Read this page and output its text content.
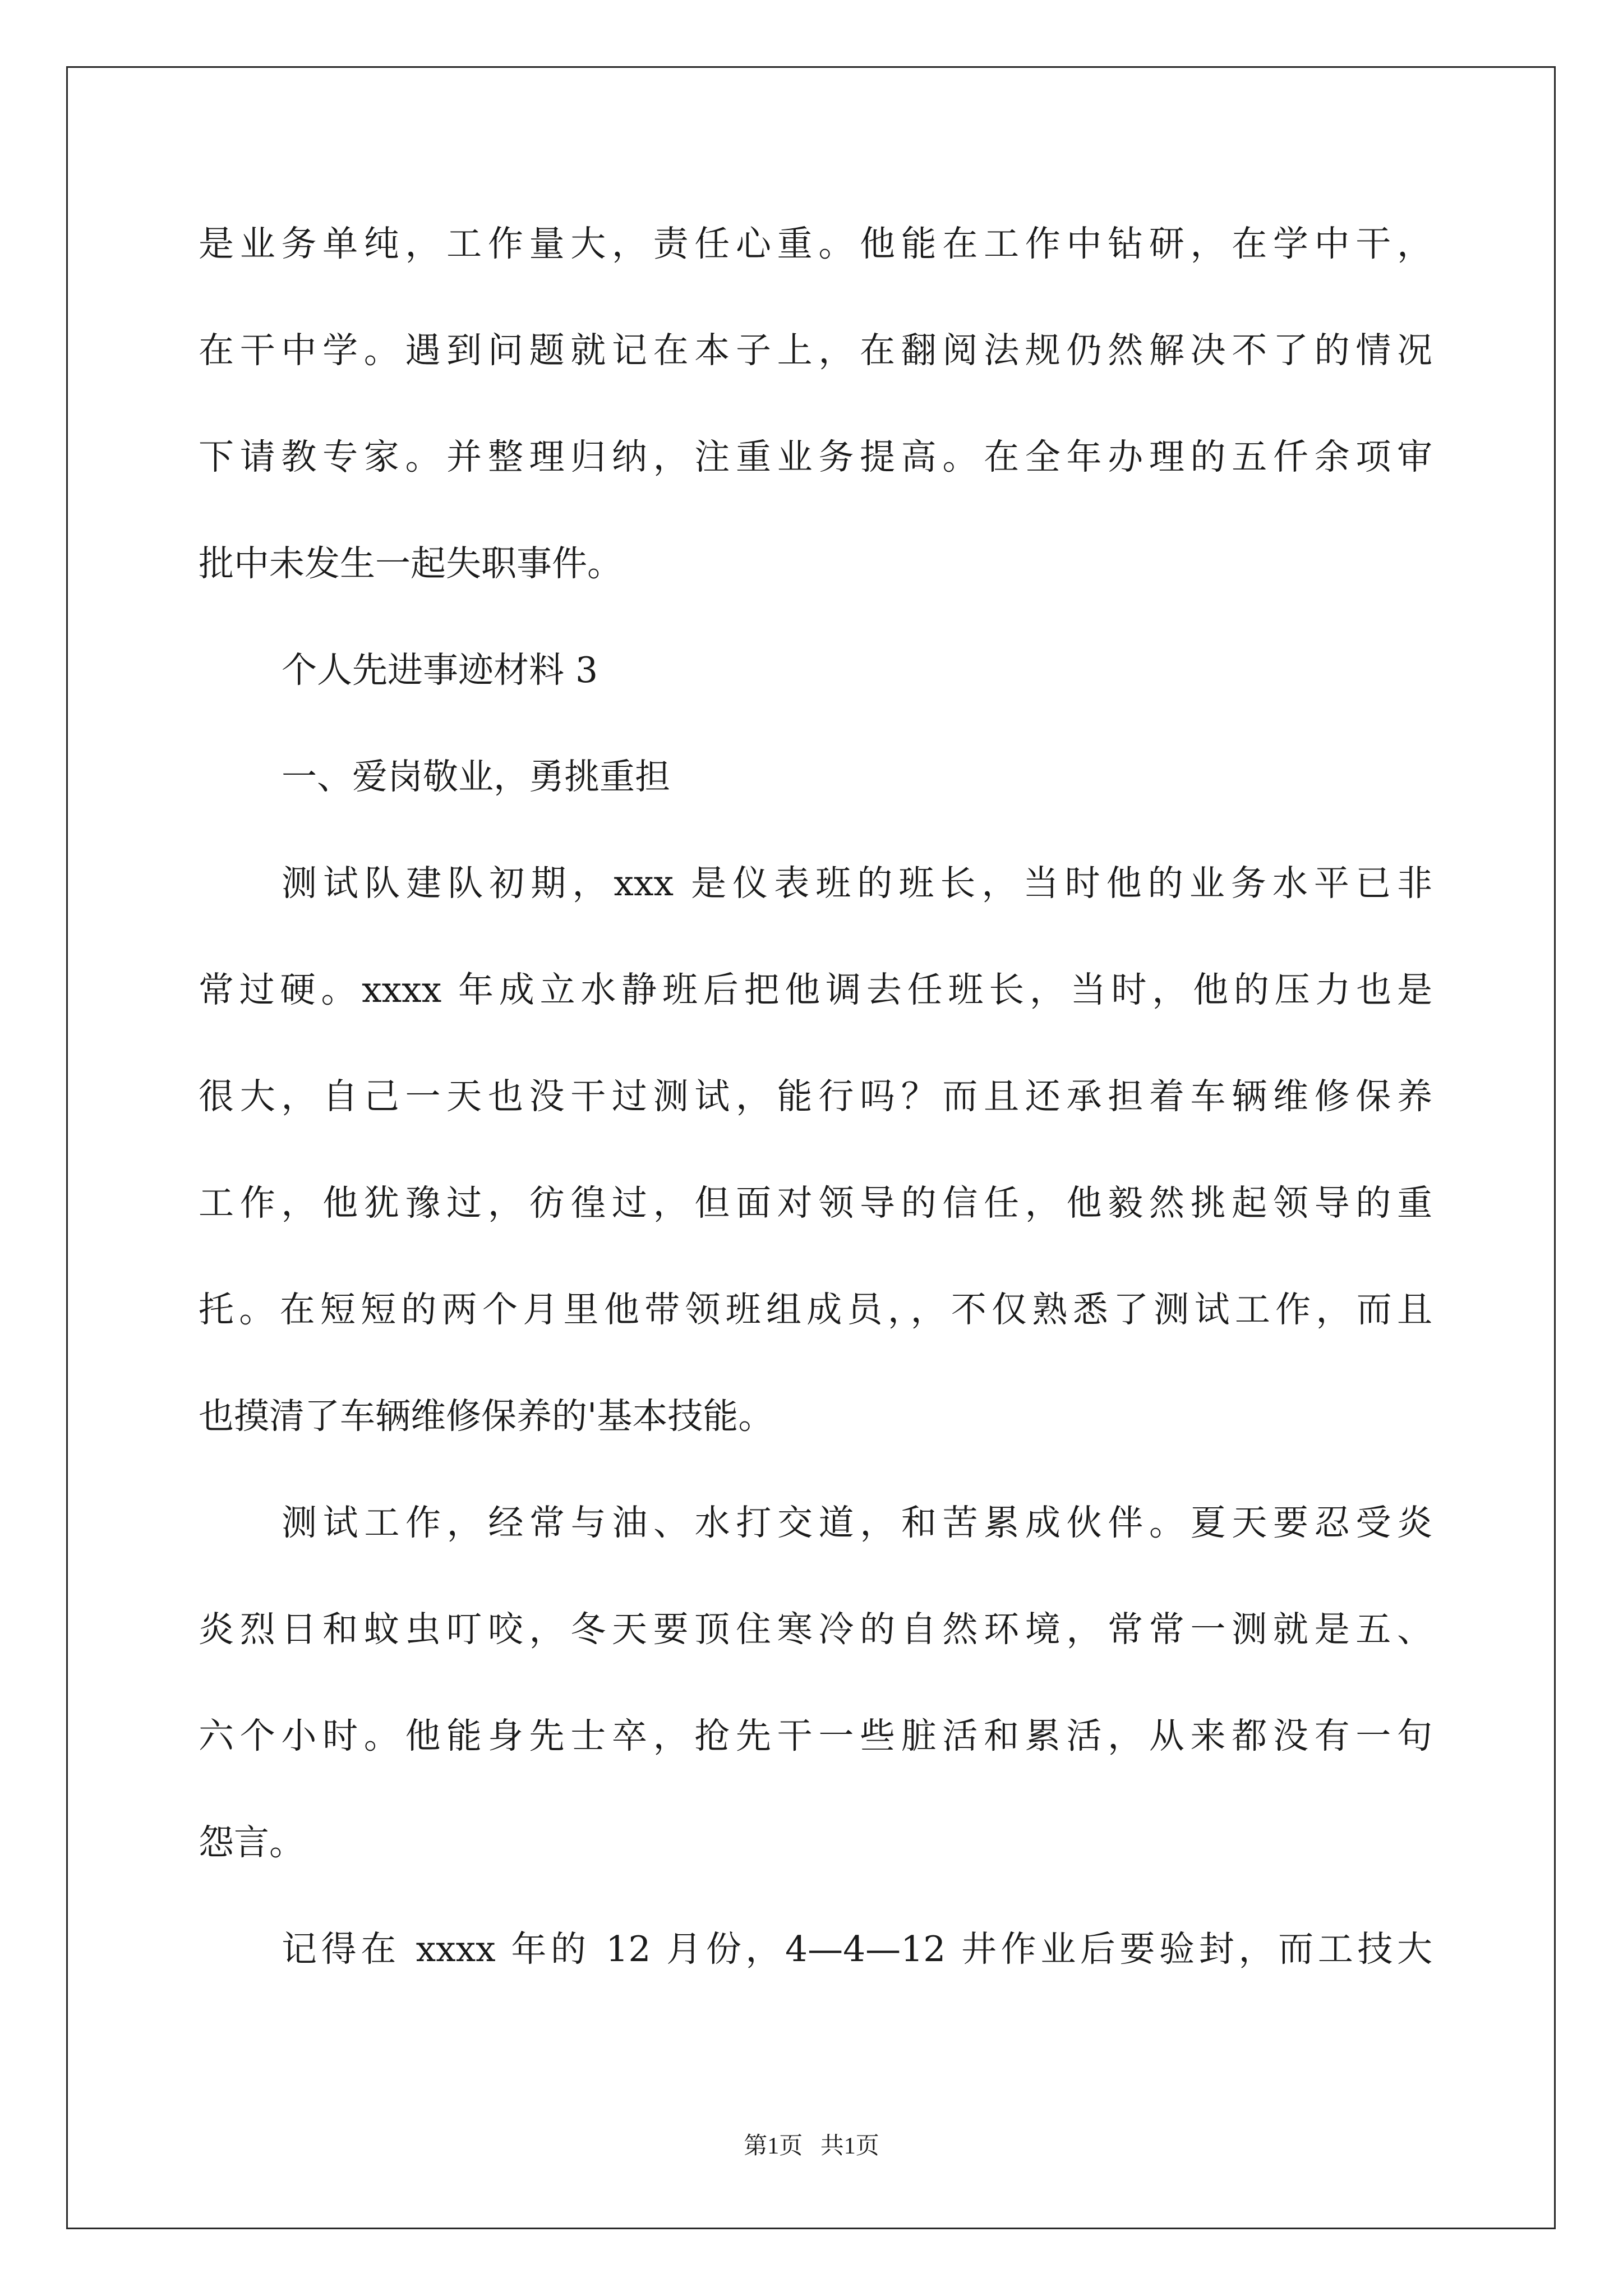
是业务单纯，工作量大，责任心重。他能在工作中钻研，在学中干，

在干中学。遇到问题就记在本子上，在翻阅法规仍然解决不了的情况

下请教专家。并整理归纳，注重业务提高。在全年办理的五仟余项审

批中未发生一起失职事件。

个人先进事迹材料 3

一、爱岗敬业，勇挑重担

测试队建队初期，xxx 是仪表班的班长，当时他的业务水平已非

常过硬。xxxx 年成立水静班后把他调去任班长，当时，他的压力也是

很大，自己一天也没干过测试，能行吗？而且还承担着车辆维修保养

工作，他犹豫过，彷徨过，但面对领导的信任，他毅然挑起领导的重

托。在短短的两个月里他带领班组成员，，不仅熟悉了测试工作，而且

也摸清了车辆维修保养的'基本技能。

测试工作，经常与油、水打交道，和苦累成伙伴。夏天要忍受炎

炎烈日和蚊虫叮咬，冬天要顶住寒冷的自然环境，常常一测就是五、

六个小时。他能身先士卒，抢先干一些脏活和累活，从来都没有一句

怨言。

记得在 xxxx 年的 12 月份，4—4—12 井作业后要验封，而工技大

第1页   共1页
